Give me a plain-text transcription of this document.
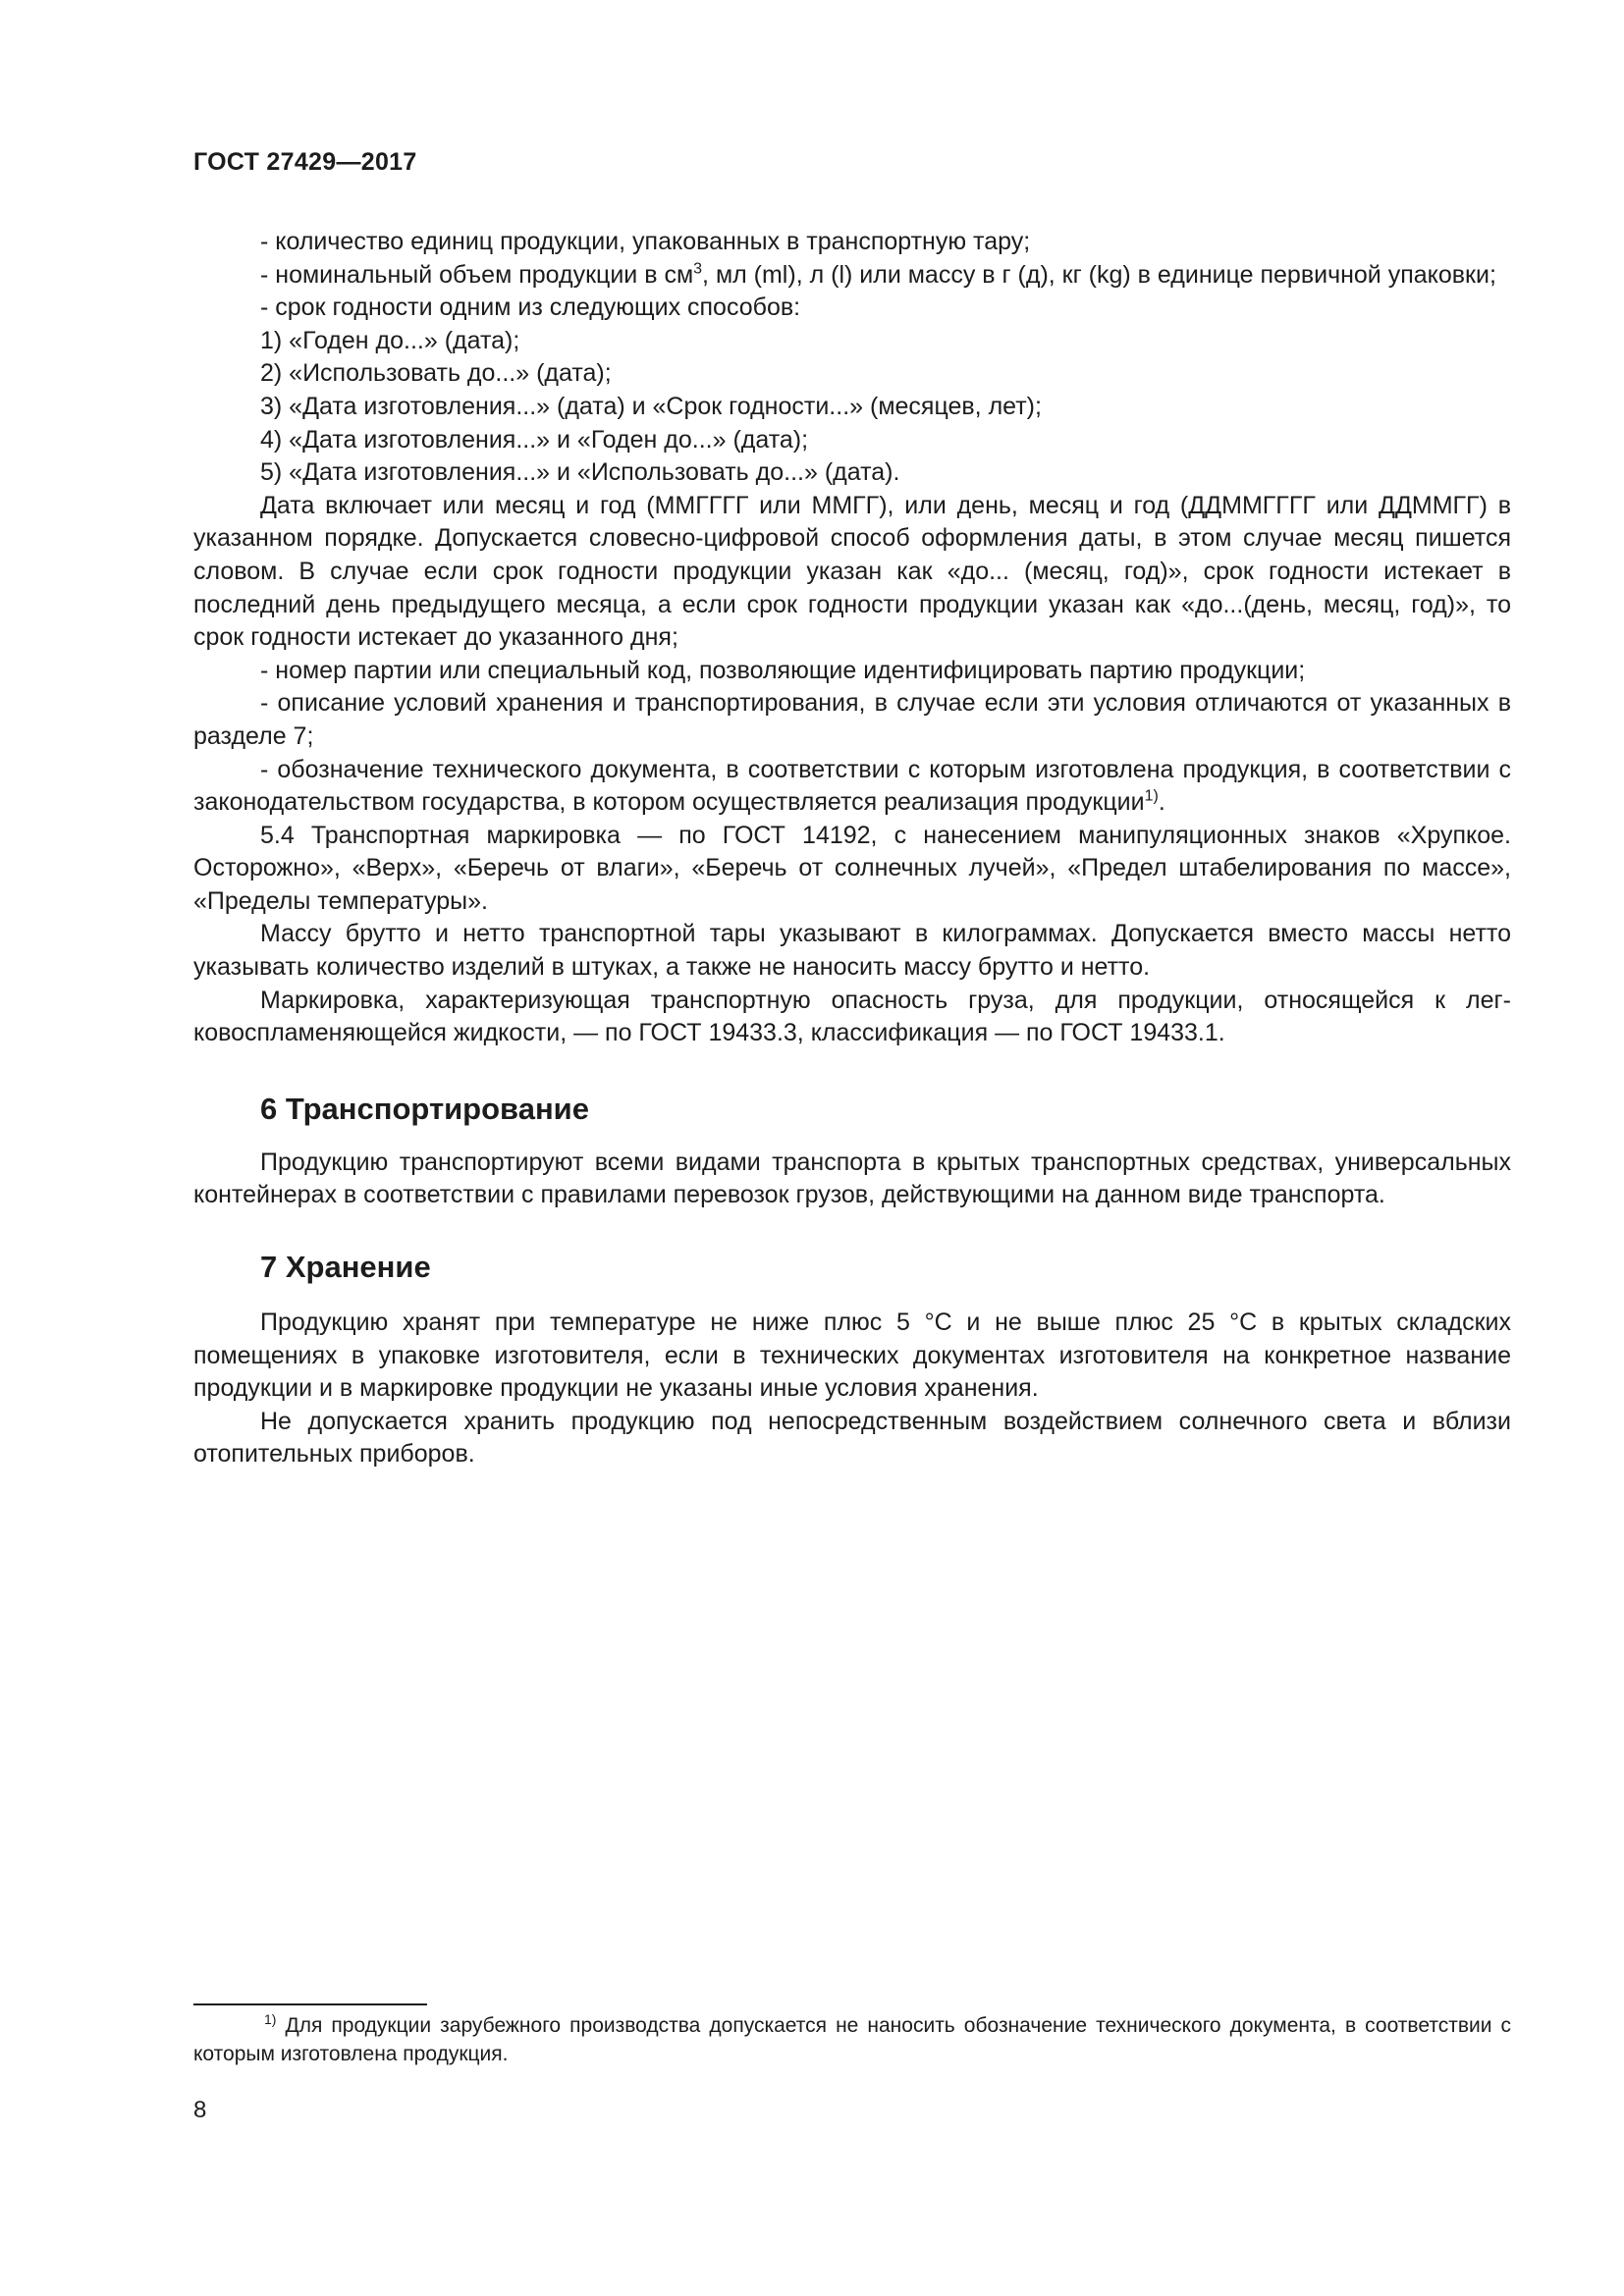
ГОСТ 27429—2017

- количество единиц продукции, упакованных в транспортную тару;

- номинальный объем продукции в $см^3$, мл (ml), л (l) или массу в г (д), кг (kg) в единице первичной упаковки;

- срок годности одним из следующих способов:

1) «Годен до...» (дата);

2) «Использовать до...» (дата);

3) «Дата изготовления...» (дата) и «Срок годности...» (месяцев, лет);

4) «Дата изготовления...» и «Годен до...» (дата);

5) «Дата изготовления...» и «Использовать до...» (дата).

Дата включает или месяц и год (ММГГГГ или ММГГ), или день, месяц и год (ДДММГГГГ или ДДММГГ) в указанном порядке. Допускается словесно-цифровой способ оформления даты, в этом случае месяц пишется словом. В случае если срок годности продукции указан как «до... (месяц, год)», срок годности истекает в последний день предыдущего месяца, а если срок годности продукции указан как «до...(день, месяц, год)», то срок годности истекает до указанного дня;

- номер партии или специальный код, позволяющие идентифицировать партию продукции;

- описание условий хранения и транспортирования, в случае если эти условия отличаются от указанных в разделе 7;

- обозначение технического документа, в соответствии с которым изготовлена продукция, в соответствии с законодательством государства, в котором осуществляется реализация продукции$^{1)}$.

5.4 Транспортная маркировка — по ГОСТ 14192, с нанесением манипуляционных знаков «Хрупкое. Осторожно», «Верх», «Беречь от влаги», «Беречь от солнечных лучей», «Предел штабелирования по массе», «Пределы температуры».

Массу брутто и нетто транспортной тары указывают в килограммах. Допускается вместо массы нетто указывать количество изделий в штуках, а также не наносить массу брутто и нетто.

Маркировка, характеризующая транспортную опасность груза, для продукции, относящейся к легковоспламеняющейся жидкости, — по ГОСТ 19433.3, классификация — по ГОСТ 19433.1.

6 Транспортирование

Продукцию транспортируют всеми видами транспорта в крытых транспортных средствах, универсальных контейнерах в соответствии с правилами перевозок грузов, действующими на данном виде транспорта.

7 Хранение

Продукцию хранят при температуре не ниже плюс 5 °С и не выше плюс 25 °С в крытых складских помещениях в упаковке изготовителя, если в технических документах изготовителя на конкретное название продукции и в маркировке продукции не указаны иные условия хранения.

Не допускается хранить продукцию под непосредственным воздействием солнечного света и вблизи отопительных приборов.

$^{1)}$ Для продукции зарубежного производства допускается не наносить обозначение технического документа, в соответствии с которым изготовлена продукция.
8
